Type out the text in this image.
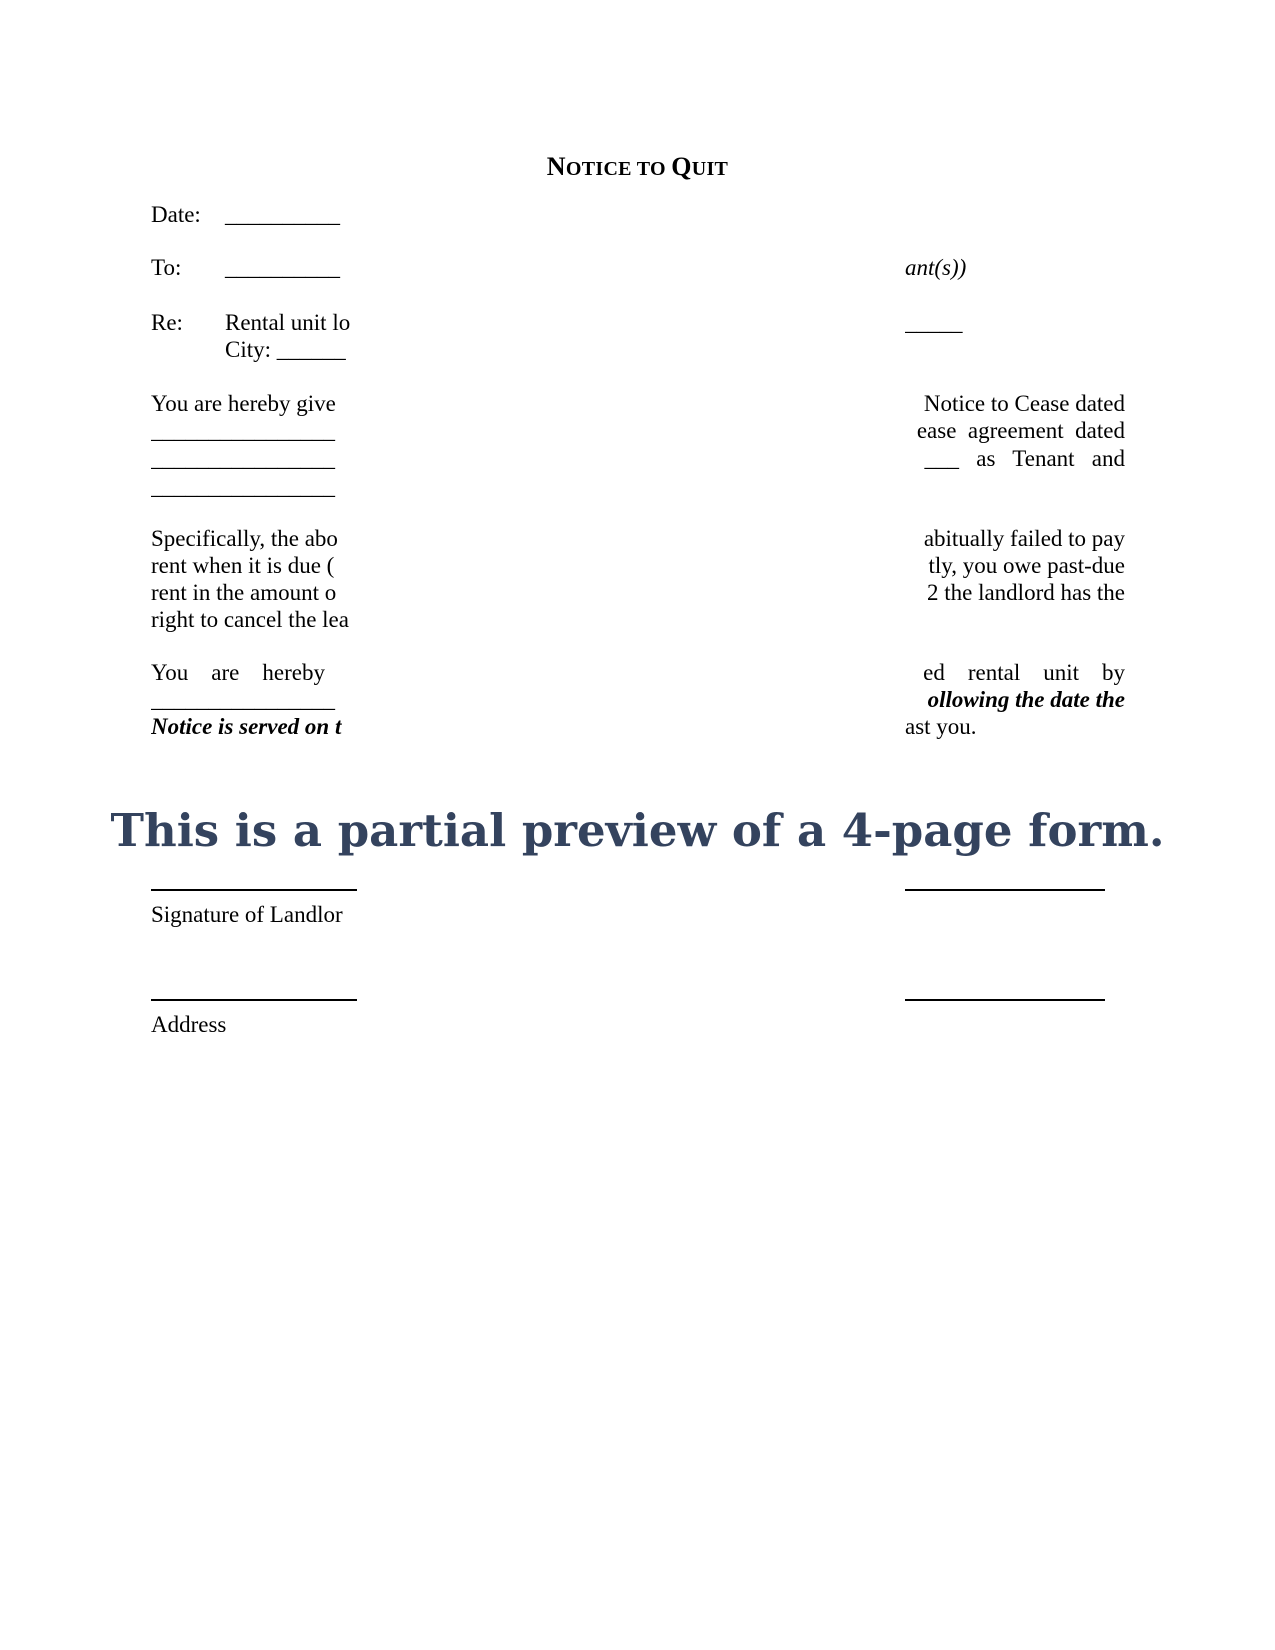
NOTICE TO QUIT
Date: __________
To: __________
Re: Rental unit lo
City: ______
You are hereby give
________________
________________
________________
Specifically, the abo
rent when it is due (
rent in the amount o
right to cancel the lea
You    are    hereby
________________
Notice is served on t
Signature of Landlor
Address
ant(s))
_____
Notice to Cease dated
ease  agreement  dated
___   as   Tenant   and
abitually failed to pay
tly, you owe past-due
2 the landlord has the
ed    rental    unit    by
ollowing the date the
ast you.
This is a partial preview of a 4-page form.
